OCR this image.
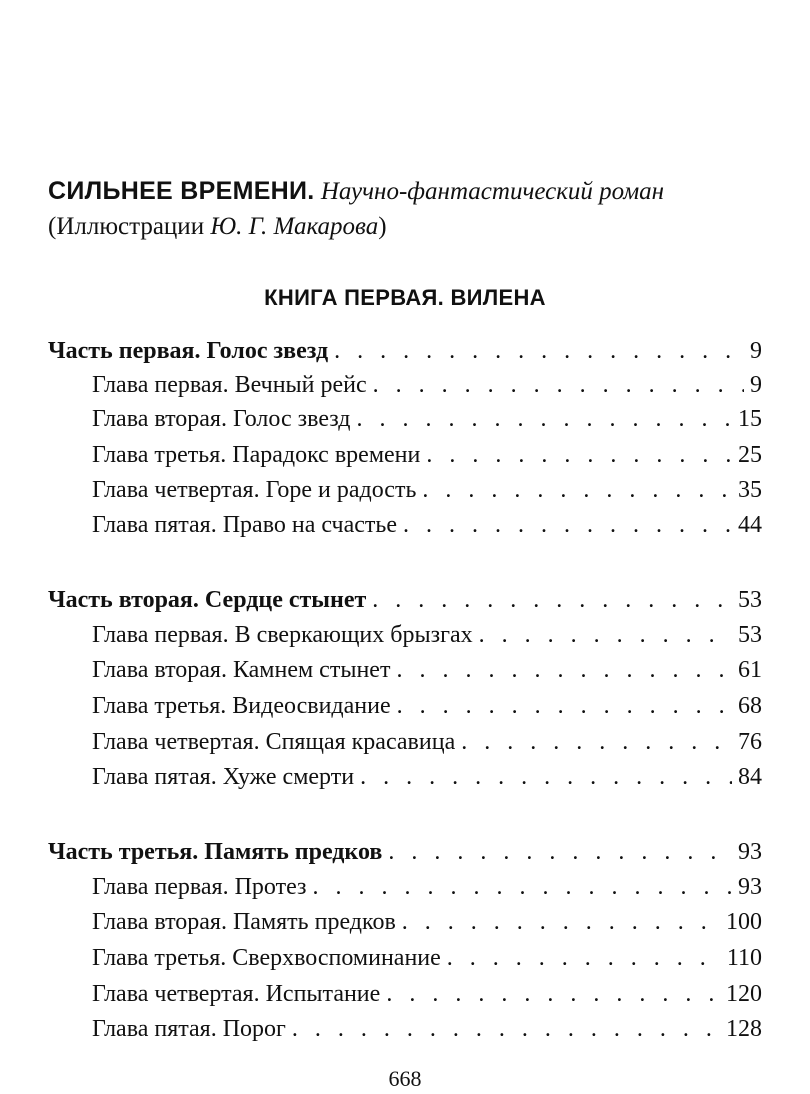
СИЛЬНЕЕ ВРЕМЕНИ. Научно-фантастический роман
(Иллюстрации Ю. Г. Макарова)
КНИГА ПЕРВАЯ. ВИЛЕНА
Часть первая. Голос звезд . . .	9
Глава первая. Вечный рейс . . .	9
Глава вторая. Голос звезд . . .	15
Глава третья. Парадокс времени . . .	25
Глава четвертая. Горе и радость . . .	35
Глава пятая. Право на счастье . . .	44
Часть вторая. Сердце стынет . . .	53
Глава первая. В сверкающих брызгах . . .	53
Глава вторая. Камнем стынет . . .	61
Глава третья. Видеосвидание . . .	68
Глава четвертая. Спящая красавица . . .	76
Глава пятая. Хуже смерти . . .	84
Часть третья. Память предков . . .	93
Глава первая. Протез . . .	93
Глава вторая. Память предков . . .	100
Глава третья. Сверхвоспоминание . . .	110
Глава четвертая. Испытание . . .	120
Глава пятая. Порог . . .	128
668
